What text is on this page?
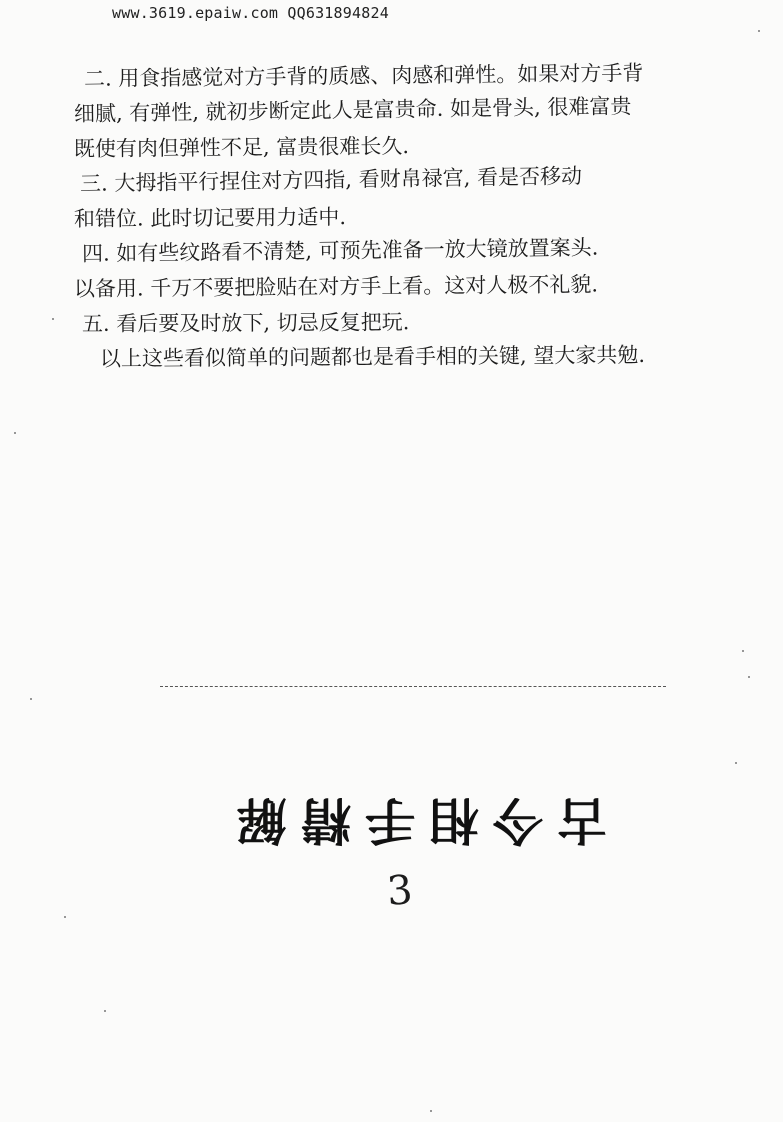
www.3619.epaiw.com QQ631894824
二. 用食指感觉对方手背的质感、肉感和弹性。如果对方手背
细腻, 有弹性, 就初步断定此人是富贵命. 如是骨头, 很难富贵
既使有肉但弹性不足, 富贵很难长久.
三. 大拇指平行捏住对方四指, 看财帛禄宫, 看是否移动
和错位. 此时切记要用力适中.
四. 如有些纹路看不清楚, 可预先准备一放大镜放置案头.
以备用. 千万不要把脸贴在对方手上看。这对人极不礼貌.
五. 看后要及时放下, 切忌反复把玩.
以上这些看似简单的问题都也是看手相的关键, 望大家共勉.
古今相手精解
3
